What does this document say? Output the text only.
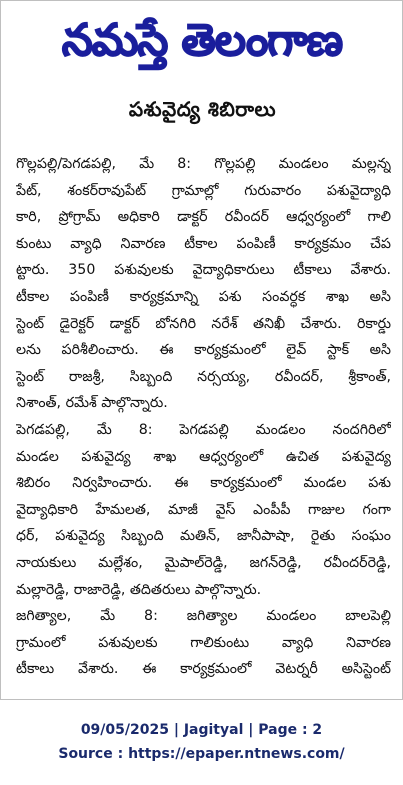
నమస్తే తెలంగాణ
పశువైద్య శిబిరాలు
గొల్లపల్లి/పెగడపల్లి, మే 8: గొల్లపల్లి మండలం మల్లన్న
పేట్, శంకర్‌రావుపేట్ గ్రామాల్లో గురువారం పశువైద్యాధి
కారి, ప్రోగ్రామ్ అధికారి డాక్టర్ రవీందర్ ఆధ్వర్యంలో గాలి
కుంటు వ్యాధి నివారణ టీకాల పంపిణీ కార్యక్రమం చేప
ట్టారు. 350 పశువులకు వైద్యాధికారులు టీకాలు వేశారు.
టీకాల పంపిణీ కార్యక్రమాన్ని పశు సంవర్ధక శాఖ అసి
స్టెంట్ డైరెక్టర్ డాక్టర్ బోనగిరి నరేశ్ తనిఖీ చేశారు. రికార్డు
లను పరిశీలించారు. ఈ కార్యక్రమంలో లైవ్ స్టాక్ అసి
స్టెంట్ రాజశ్రీ, సిబ్బంది నర్సయ్య, రవీందర్, శ్రీకాంత్,
నిశాంత్, రమేశ్ పాల్గొన్నారు.
పెగడపల్లి, మే 8: పెగడపల్లి మండలం నందగిరిలో
మండల పశువైద్య శాఖ ఆధ్వర్యంలో ఉచిత పశువైద్య
శిబిరం నిర్వహించారు. ఈ కార్యక్రమంలో మండల పశు
వైద్యాధికారి హేమలత, మాజీ వైస్ ఎంపీపీ గాజుల గంగా
ధర్, పశువైద్య సిబ్బంది మతిన్, జానీపాషా, రైతు సంఘం
నాయకులు మల్లేశం, మైపాల్‌రెడ్డి, జగన్‌రెడ్డి, రవీందర్‌రెడ్డి,
మల్లారెడ్డి, రాజారెడ్డి, తదితరులు పాల్గొన్నారు.
జగిత్యాల, మే 8: జగిత్యాల మండలం బాలపెల్లి
గ్రామంలో పశువులకు గాలికుంటు వ్యాధి నివారణ
టీకాలు వేశారు. ఈ కార్యక్రమంలో వెటర్నరీ అసిస్టెంట్
09/05/2025 | Jagityal | Page : 2
Source : https://epaper.ntnews.com/
